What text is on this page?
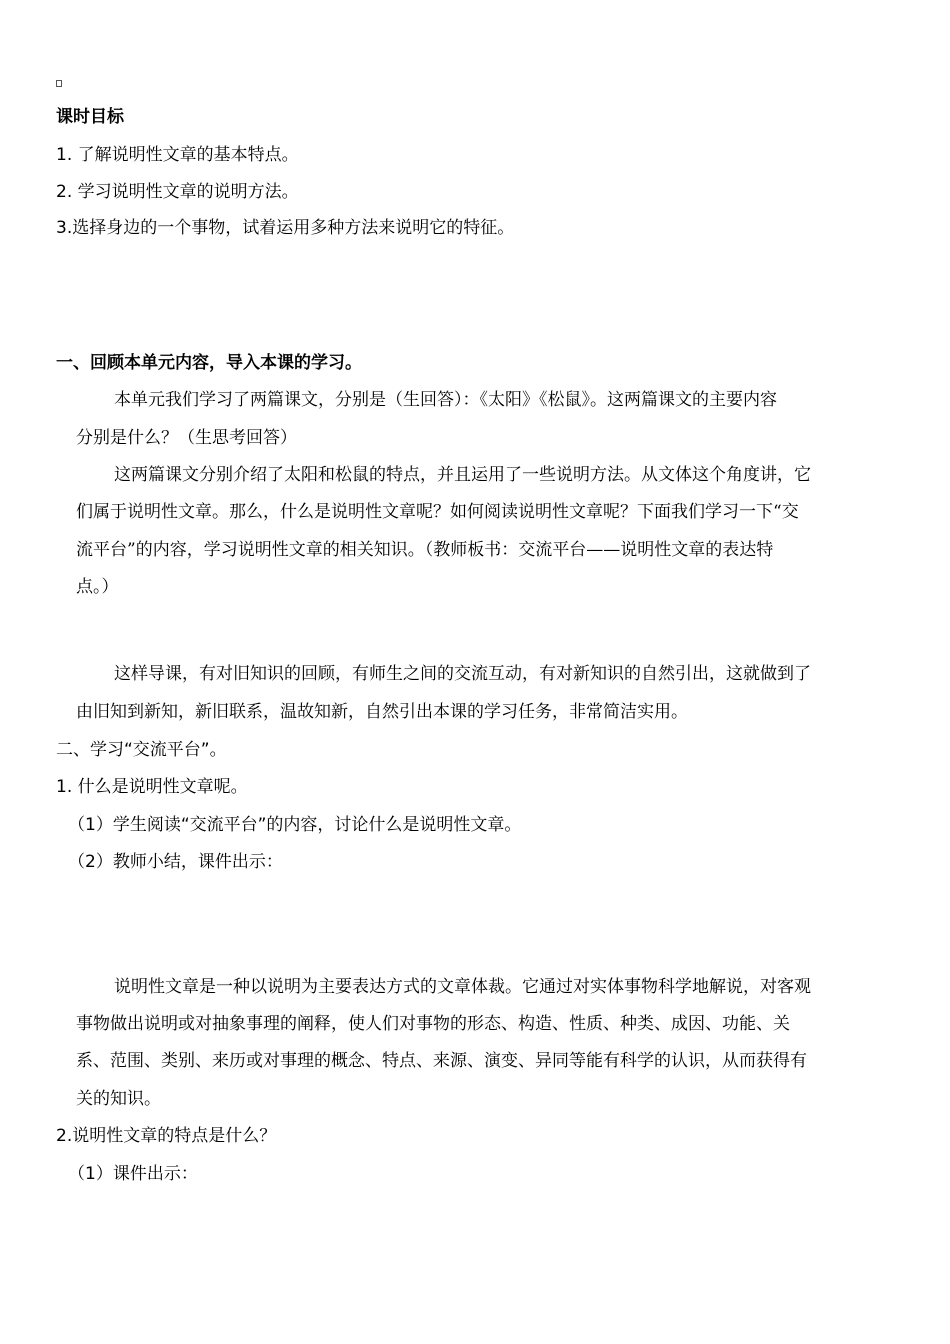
课时目标
1. 了解说明性文章的基本特点。
2. 学习说明性文章的说明方法。
3.选择身边的一个事物，试着运用多种方法来说明它的特征。
一、回顾本单元内容，导入本课的学习。
本单元我们学习了两篇课文，分别是（生回答）：《太阳》《松鼠》。这两篇课文的主要内容
分别是什么？（生思考回答）
这两篇课文分别介绍了太阳和松鼠的特点，并且运用了一些说明方法。从文体这个角度讲，它
们属于说明性文章。那么，什么是说明性文章呢？如何阅读说明性文章呢？下面我们学习一下“交
流平台”的内容，学习说明性文章的相关知识。（教师板书：交流平台——说明性文章的表达特
点。）
这样导课，有对旧知识的回顾，有师生之间的交流互动，有对新知识的自然引出，这就做到了
由旧知到新知，新旧联系，温故知新，自然引出本课的学习任务，非常简洁实用。
二、学习“交流平台”。
1. 什么是说明性文章呢。
（1）学生阅读“交流平台”的内容，讨论什么是说明性文章。
（2）教师小结，课件出示：
说明性文章是一种以说明为主要表达方式的文章体裁。它通过对实体事物科学地解说，对客观
事物做出说明或对抽象事理的阐释，使人们对事物的形态、构造、性质、种类、成因、功能、关
系、范围、类别、来历或对事理的概念、特点、来源、演变、异同等能有科学的认识，从而获得有
关的知识。
2.说明性文章的特点是什么？
（1）课件出示：
